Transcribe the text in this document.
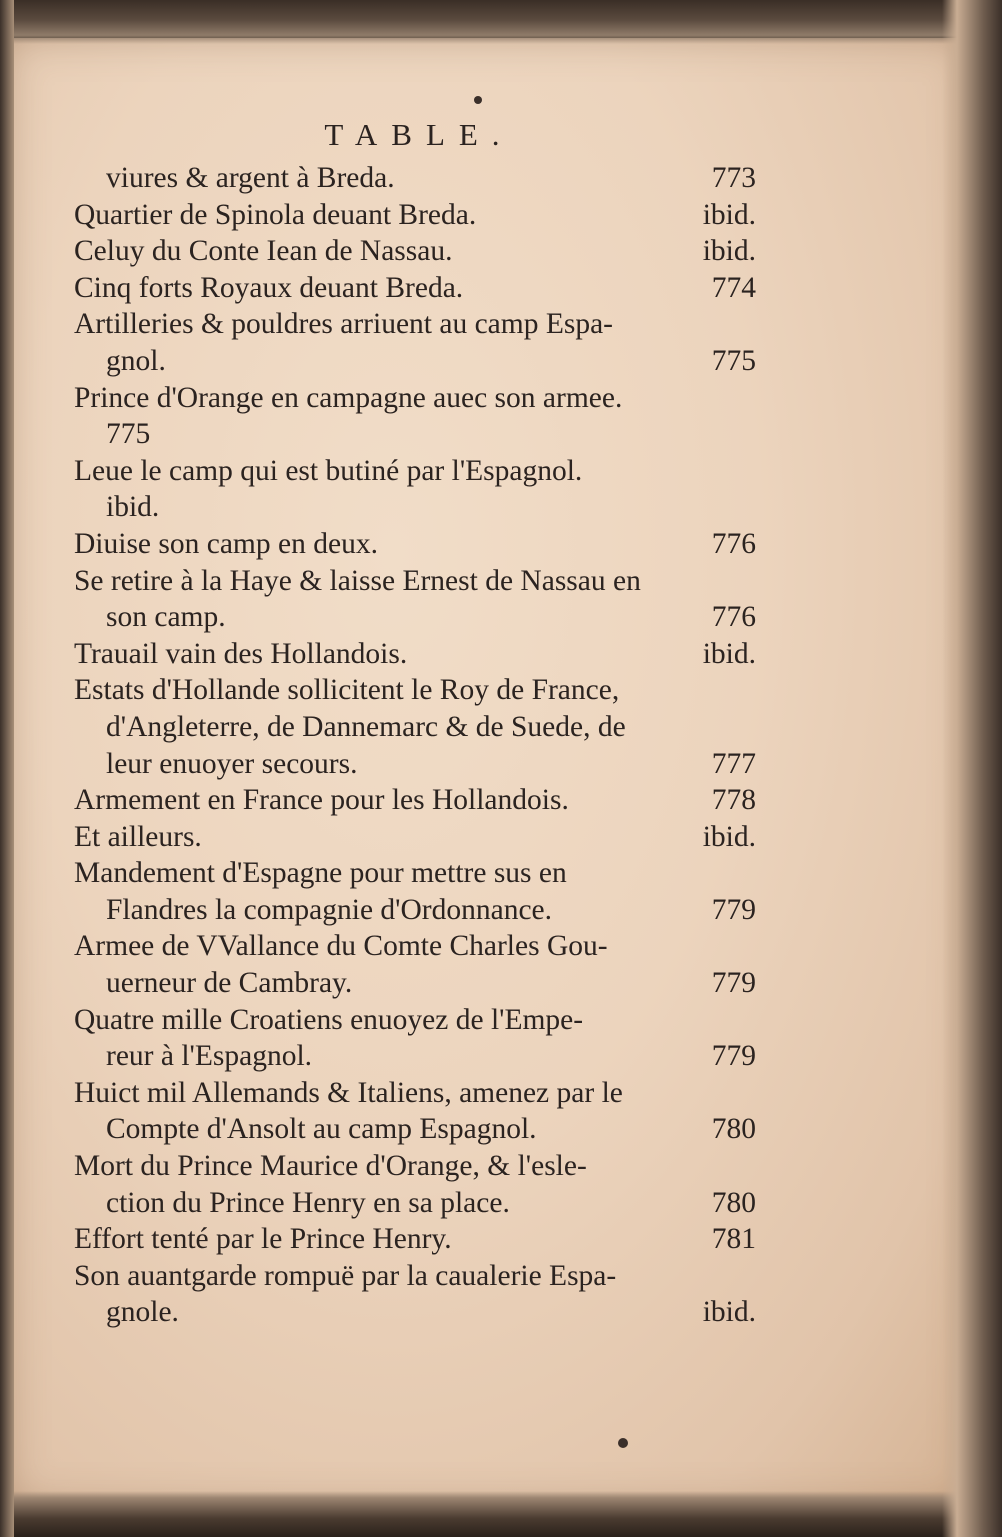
TABLE.
viures & argent à Breda.	773
Quartier de Spinola deuant Breda.	ibid.
Celuy du Conte Iean de Nassau.	ibid.
Cinq forts Royaux deuant Breda.	774
Artilleries & pouldres arriuent au camp Espa-
gnol.	775
Prince d'Orange en campagne auec son armee.
775
Leue le camp qui est butiné par l'Espagnol.
ibid.
Diuise son camp en deux.	776
Se retire à la Haye & laisse Ernest de Nassau en
son camp.	776
Trauail vain des Hollandois.	ibid.
Estats d'Hollande sollicitent le Roy de France,
d'Angleterre, de Dannemarc & de Suede, de
leur enuoyer secours.	777
Armement en France pour les Hollandois.	778
Et ailleurs.	ibid.
Mandement d'Espagne pour mettre sus en
Flandres la compagnie d'Ordonnance.	779
Armee de VVallance du Comte Charles Gou-
uerneur de Cambray.	779
Quatre mille Croatiens enuoyez de l'Empe-
reur à l'Espagnol.	779
Huict mil Allemands & Italiens, amenez par le
Compte d'Ansolt au camp Espagnol.	780
Mort du Prince Maurice d'Orange, & l'esle-
ction du Prince Henry en sa place.	780
Effort tenté par le Prince Henry.	781
Son auantgarde rompuë par la caualerie Espa-
gnole.	ibid.
